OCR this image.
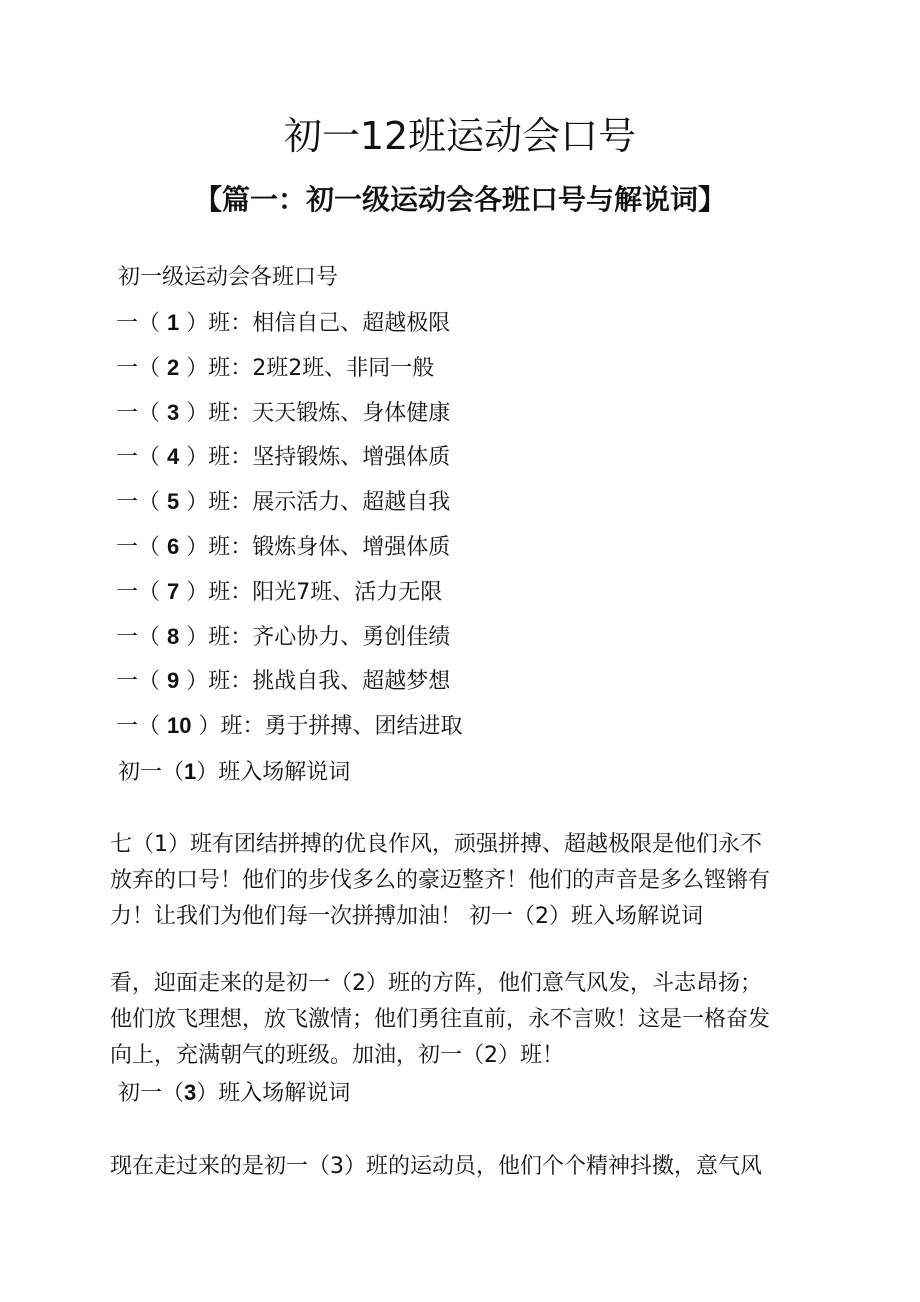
初一12班运动会口号
【篇一：初一级运动会各班口号与解说词】

初一级运动会各班口号

一（ 1 ）班：相信自己、超越极限
一（ 2 ）班：2班2班、非同一般
一（ 3 ）班：天天锻炼、身体健康
一（ 4 ）班：坚持锻炼、增强体质
一（ 5 ）班：展示活力、超越自我
一（ 6 ）班：锻炼身体、增强体质
一（ 7 ）班：阳光7班、活力无限
一（ 8 ）班：齐心协力、勇创佳绩
一（ 9 ）班：挑战自我、超越梦想
一（ 10 ）班：勇于拼搏、团结进取

初一（1）班入场解说词

七（1）班有团结拼搏的优良作风，顽强拼搏、超越极限是他们永不
放弃的口号！他们的步伐多么的豪迈整齐！他们的声音是多么铿锵有
力！让我们为他们每一次拼搏加油！ 初一（2）班入场解说词
看，迎面走来的是初一（2）班的方阵，他们意气风发，斗志昂扬；
他们放飞理想，放飞激情；他们勇往直前，永不言败！这是一格奋发
向上，充满朝气的班级。加油，初一（2）班！

初一（3）班入场解说词

现在走过来的是初一（3）班的运动员，他们个个精神抖擞，意气风
